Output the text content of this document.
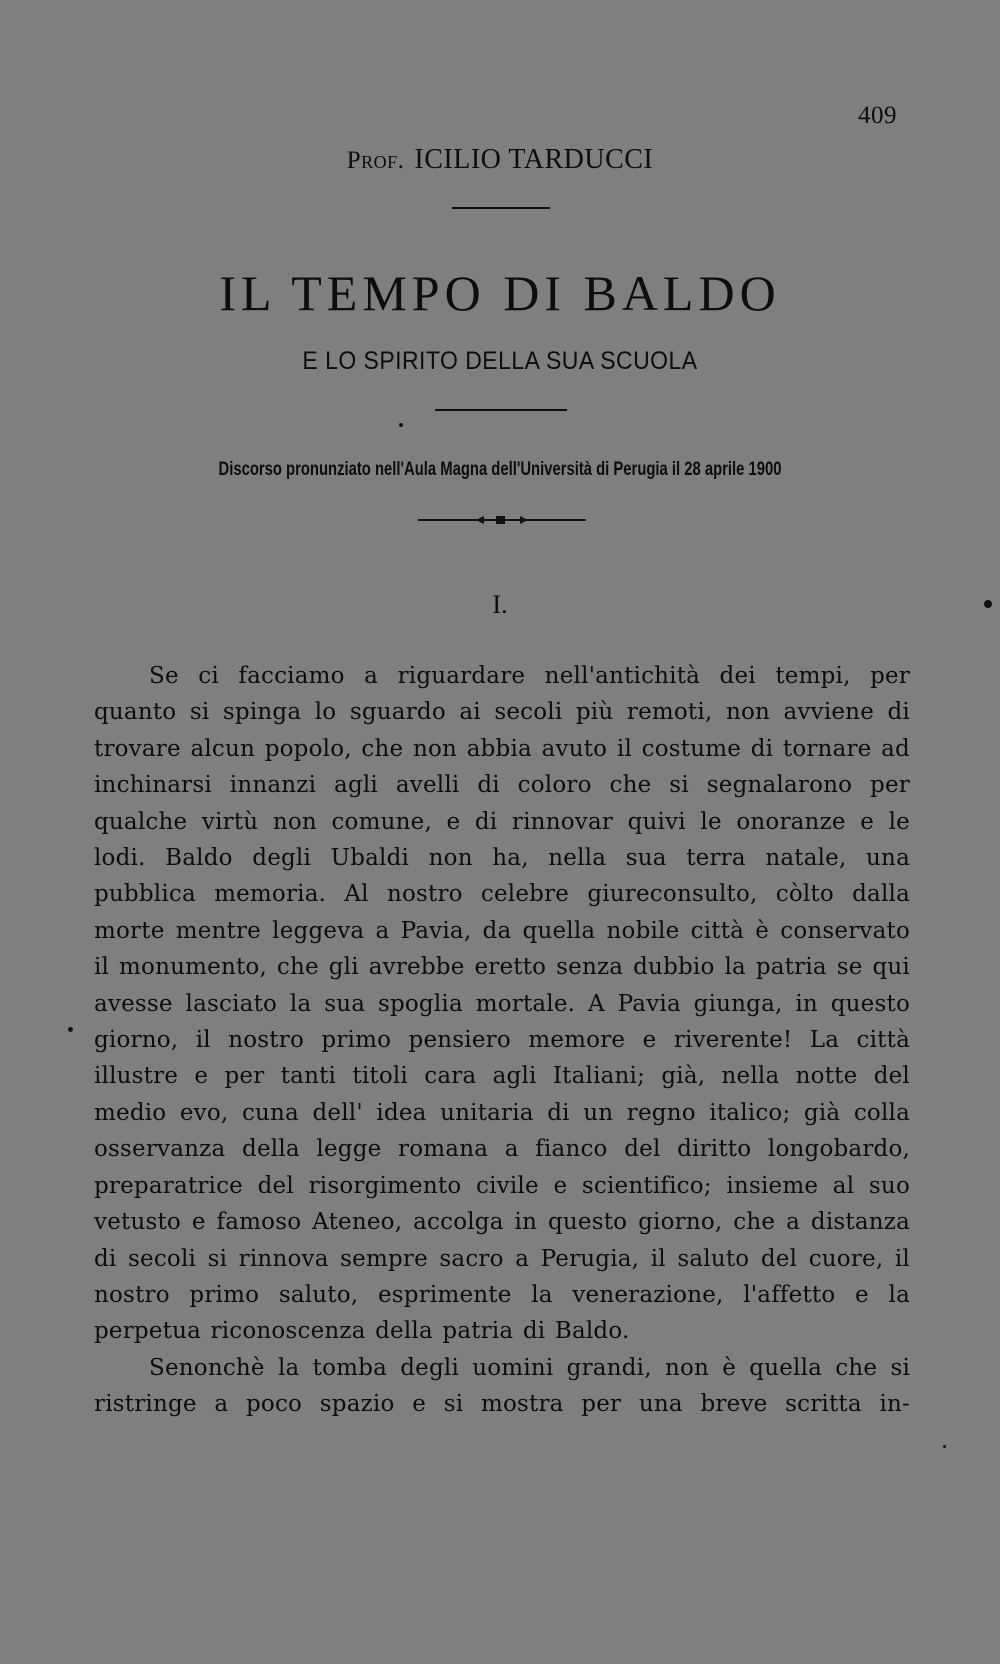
409
Prof. ICILIO TARDUCCI
IL TEMPO DI BALDO
E LO SPIRITO DELLA SUA SCUOLA
Discorso pronunziato nell'Aula Magna dell'Università di Perugia il 28 aprile 1900
I.

Se ci facciamo a riguardare nell'antichità dei tempi, per quanto si spinga lo sguardo ai secoli più remoti, non avviene di trovare alcun popolo, che non abbia avuto il costume di tornare ad inchinarsi innanzi agli avelli di coloro che si segnalarono per qualche virtù non comune, e di rinnovar quivi le onoranze e le lodi. Baldo degli Ubaldi non ha, nella sua terra natale, una pubblica memoria. Al nostro celebre giureconsulto, còlto dalla morte mentre leggeva a Pavia, da quella nobile città è conservato il monumento, che gli avrebbe eretto senza dubbio la patria se qui avesse lasciato la sua spoglia mortale. A Pavia giunga, in questo giorno, il nostro primo pensiero memore e riverente! La città illustre e per tanti titoli cara agli Italiani; già, nella notte del medio evo, cuna dell' idea unitaria di un regno italico; già colla osservanza della legge romana a fianco del diritto longobardo, preparatrice del risorgimento civile e scientifico; insieme al suo vetusto e famoso Ateneo, accolga in questo giorno, che a distanza di secoli si rinnova sempre sacro a Perugia, il saluto del cuore, il nostro primo saluto, esprimente la venerazione, l'affetto e la perpetua riconoscenza della patria di Baldo.

Senonchè la tomba degli uomini grandi, non è quella che si ristringe a poco spazio e si mostra per una breve scritta in-
